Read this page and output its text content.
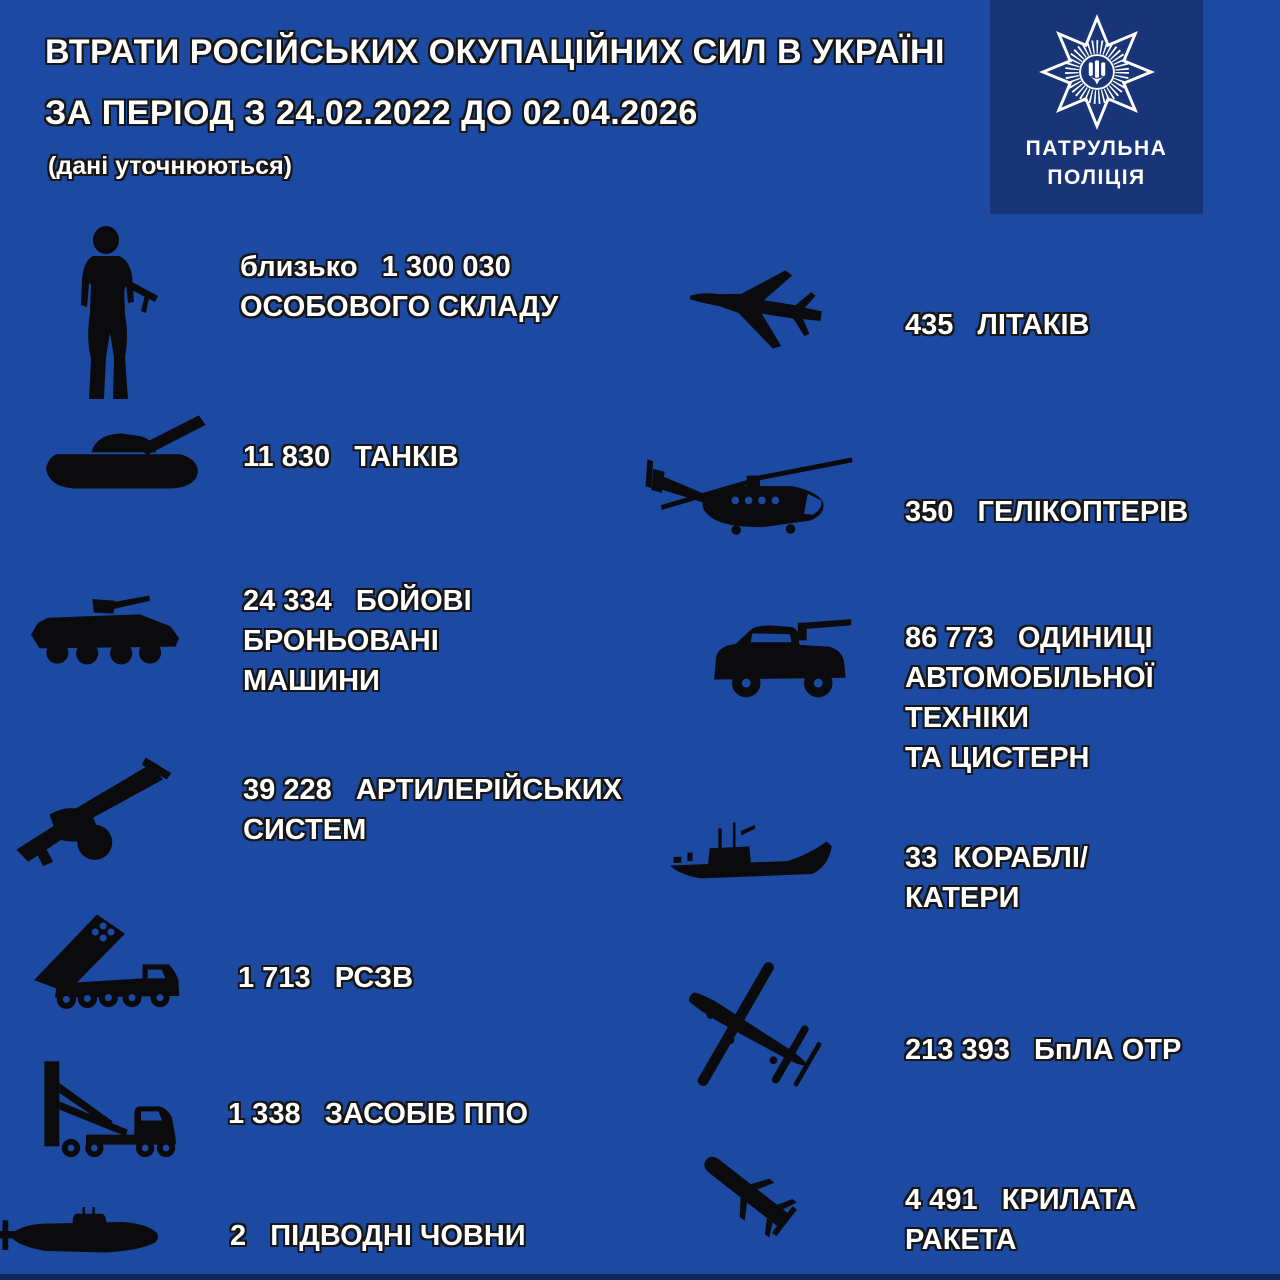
ВТРАТИ РОСІЙСЬКИХ ОКУПАЦІЙНИХ СИЛ В УКРАЇНІ
ЗА ПЕРІОД З 24.02.2022 ДО 02.04.2026
(дані уточнюються)
ПАТРУЛЬНА
ПОЛІЦІЯ
близько   1 300 030
ОСОБОВОГО СКЛАДУ
11 830   ТАНКІВ
24 334   БОЙОВІ
БРОНЬОВАНІ
МАШИНИ
39 228   АРТИЛЕРІЙСЬКИХ
СИСТЕМ
1 713   РСЗВ
1 338   ЗАСОБІВ ППО
2   ПІДВОДНІ ЧОВНИ
435   ЛІТАКІВ
350   ГЕЛІКОПТЕРІВ
86 773   ОДИНИЦІ
АВТОМОБІЛЬНОЇ
ТЕХНІКИ
ТА ЦИСТЕРН
33  КОРАБЛІ/
КАТЕРИ
213 393   БпЛА ОТР
4 491   КРИЛАТА
РАКЕТА
